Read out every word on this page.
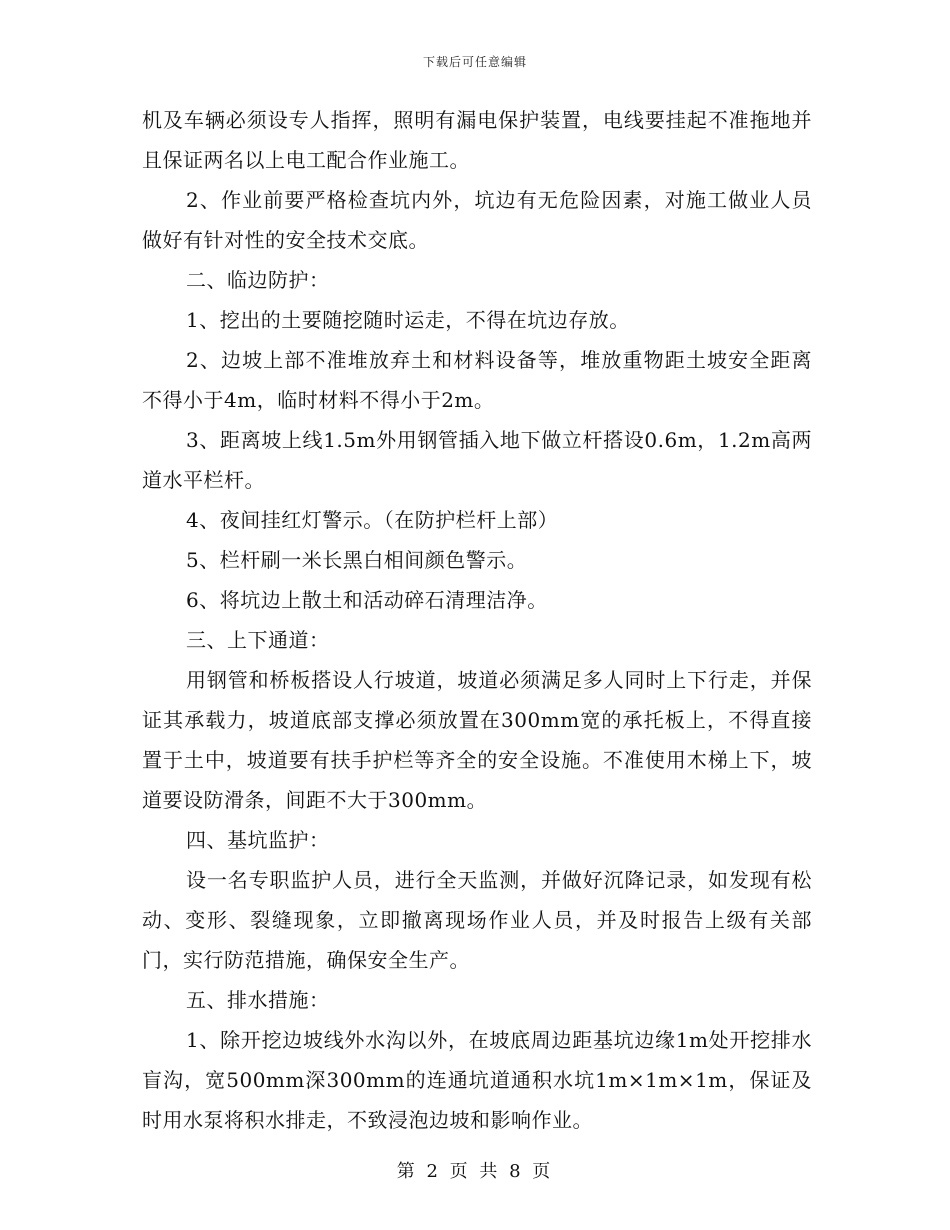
下载后可任意编辑

机及车辆必须设专人指挥，照明有漏电保护装置，电线要挂起不准拖地并且保证两名以上电工配合作业施工。

2、作业前要严格检查坑内外，坑边有无危险因素，对施工做业人员做好有针对性的安全技术交底。

二、临边防护：

1、挖出的土要随挖随时运走，不得在坑边存放。

2、边坡上部不准堆放弃土和材料设备等，堆放重物距土坡安全距离不得小于4m，临时材料不得小于2m。

3、距离坡上线1.5m外用钢管插入地下做立杆搭设0.6m，1.2m高两道水平栏杆。

4、夜间挂红灯警示。（在防护栏杆上部）

5、栏杆刷一米长黑白相间颜色警示。

6、将坑边上散土和活动碎石清理洁净。

三、上下通道：

用钢管和桥板搭设人行坡道，坡道必须满足多人同时上下行走，并保证其承载力，坡道底部支撑必须放置在300mm宽的承托板上，不得直接置于土中，坡道要有扶手护栏等齐全的安全设施。不准使用木梯上下，坡道要设防滑条，间距不大于300mm。

四、基坑监护：

设一名专职监护人员，进行全天监测，并做好沉降记录，如发现有松动、变形、裂缝现象，立即撤离现场作业人员，并及时报告上级有关部门，实行防范措施，确保安全生产。

五、排水措施：

1、除开挖边坡线外水沟以外，在坡底周边距基坑边缘1m处开挖排水盲沟，宽500mm深300mm的连通坑道通积水坑1m×1m×1m，保证及时用水泵将积水排走，不致浸泡边坡和影响作业。

第 2 页 共 8 页
